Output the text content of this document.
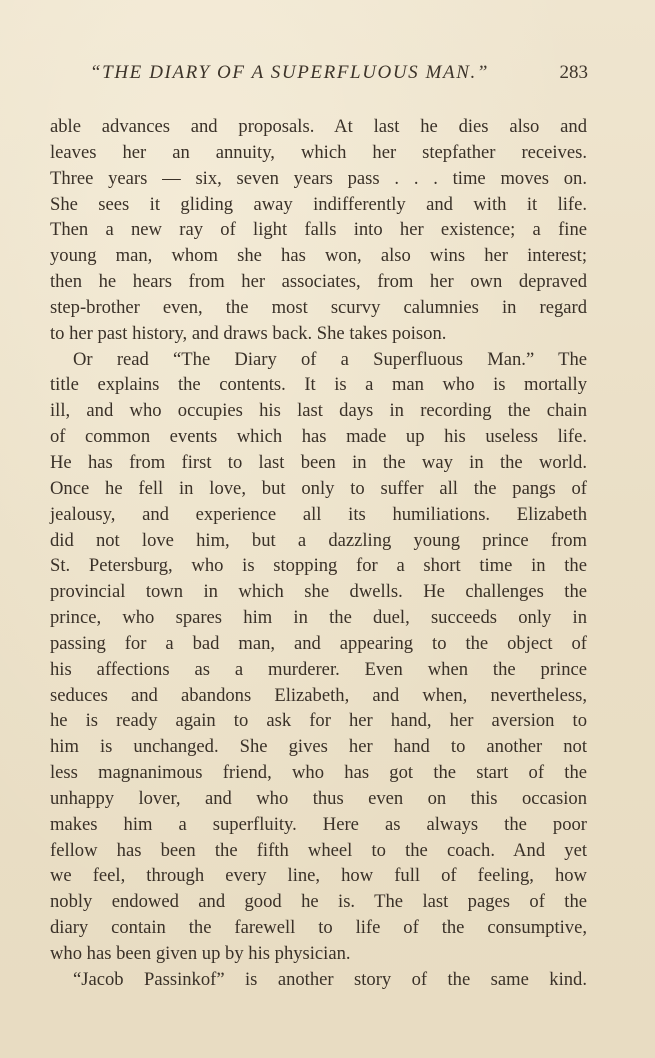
“THE DIARY OF A SUPERFLUOUS MAN.”	283
able advances and proposals. At last he dies also and
leaves her an annuity, which her stepfather receives.
Three years — six, seven years pass . . . time moves on.
She sees it gliding away indifferently and with it life.
Then a new ray of light falls into her existence; a fine
young man, whom she has won, also wins her interest;
then he hears from her associates, from her own depraved
step-brother even, the most scurvy calumnies in regard
to her past history, and draws back. She takes poison.
Or read “The Diary of a Superfluous Man.” The
title explains the contents. It is a man who is mortally
ill, and who occupies his last days in recording the chain
of common events which has made up his useless life.
He has from first to last been in the way in the world.
Once he fell in love, but only to suffer all the pangs of
jealousy, and experience all its humiliations. Elizabeth
did not love him, but a dazzling young prince from
St. Petersburg, who is stopping for a short time in the
provincial town in which she dwells. He challenges the
prince, who spares him in the duel, succeeds only in
passing for a bad man, and appearing to the object of
his affections as a murderer. Even when the prince
seduces and abandons Elizabeth, and when, nevertheless,
he is ready again to ask for her hand, her aversion to
him is unchanged. She gives her hand to another not
less magnanimous friend, who has got the start of the
unhappy lover, and who thus even on this occasion
makes him a superfluity. Here as always the poor
fellow has been the fifth wheel to the coach. And yet
we feel, through every line, how full of feeling, how
nobly endowed and good he is. The last pages of the
diary contain the farewell to life of the consumptive,
who has been given up by his physician.
“Jacob Passinkof” is another story of the same kind.
